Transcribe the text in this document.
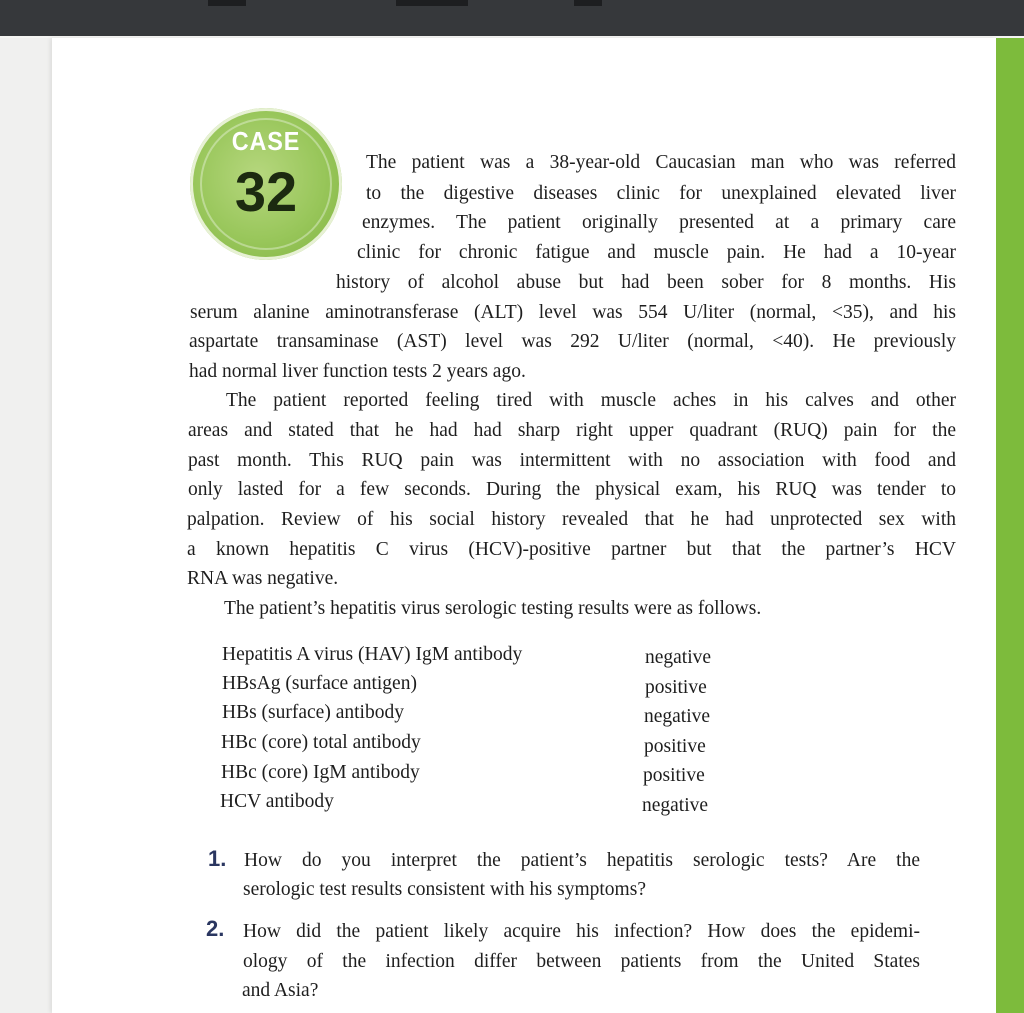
CASE
32	The patient was a 38-year-old Caucasian man who was referred
to the digestive diseases clinic for unexplained elevated liver
enzymes. The patient originally presented at a primary care
clinic for chronic fatigue and muscle pain. He had a 10-year
history of alcohol abuse but had been sober for 8 months. His
serum alanine aminotransferase (ALT) level was 554 U/liter (normal, <35), and his
aspartate transaminase (AST) level was 292 U/liter (normal, <40). He previously
had normal liver function tests 2 years ago.
The patient reported feeling tired with muscle aches in his calves and other
areas and stated that he had had sharp right upper quadrant (RUQ) pain for the
past month. This RUQ pain was intermittent with no association with food and
only lasted for a few seconds. During the physical exam, his RUQ was tender to
palpation. Review of his social history revealed that he had unprotected sex with
a known hepatitis C virus (HCV)-positive partner but that the partner’s HCV
RNA was negative.
The patient’s hepatitis virus serologic testing results were as follows.
Hepatitis A virus (HAV) IgM antibody	negative
HBsAg (surface antigen)	positive
HBs (surface) antibody	negative
HBc (core) total antibody	positive
HBc (core) IgM antibody	positive
HCV antibody	negative
1. How do you interpret the patient’s hepatitis serologic tests? Are the
serologic test results consistent with his symptoms?
2. How did the patient likely acquire his infection? How does the epidemi-
ology of the infection differ between patients from the United States
and Asia?
